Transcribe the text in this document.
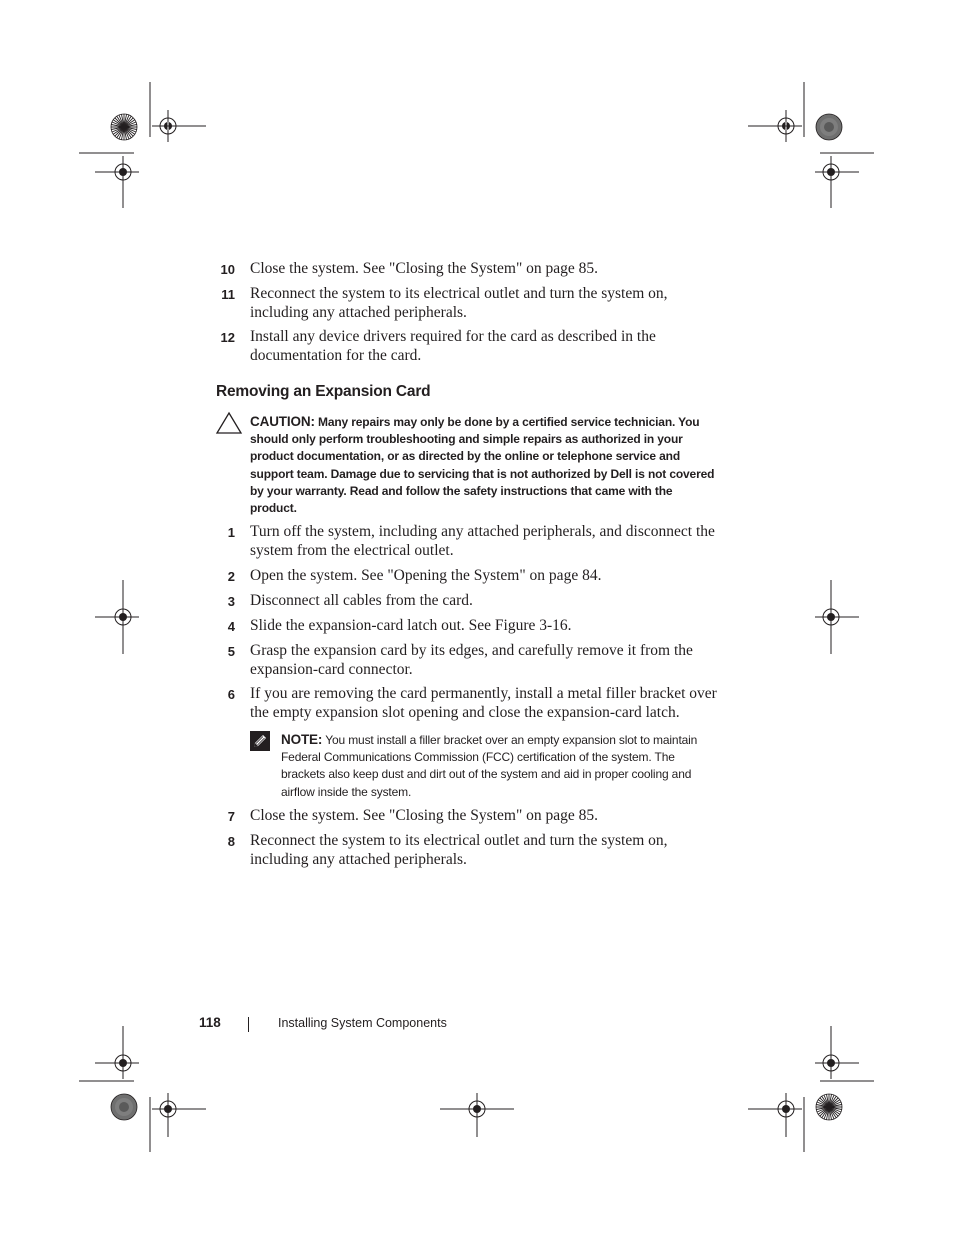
10 Close the system. See "Closing the System" on page 85.
11 Reconnect the system to its electrical outlet and turn the system on, including any attached peripherals.
12 Install any device drivers required for the card as described in the documentation for the card.
Removing an Expansion Card
CAUTION: Many repairs may only be done by a certified service technician. You should only perform troubleshooting and simple repairs as authorized in your product documentation, or as directed by the online or telephone service and support team. Damage due to servicing that is not authorized by Dell is not covered by your warranty. Read and follow the safety instructions that came with the product.
1 Turn off the system, including any attached peripherals, and disconnect the system from the electrical outlet.
2 Open the system. See "Opening the System" on page 84.
3 Disconnect all cables from the card.
4 Slide the expansion-card latch out. See Figure 3-16.
5 Grasp the expansion card by its edges, and carefully remove it from the expansion-card connector.
6 If you are removing the card permanently, install a metal filler bracket over the empty expansion slot opening and close the expansion-card latch.
NOTE: You must install a filler bracket over an empty expansion slot to maintain Federal Communications Commission (FCC) certification of the system. The brackets also keep dust and dirt out of the system and aid in proper cooling and airflow inside the system.
7 Close the system. See "Closing the System" on page 85.
8 Reconnect the system to its electrical outlet and turn the system on, including any attached peripherals.
118	Installing System Components
